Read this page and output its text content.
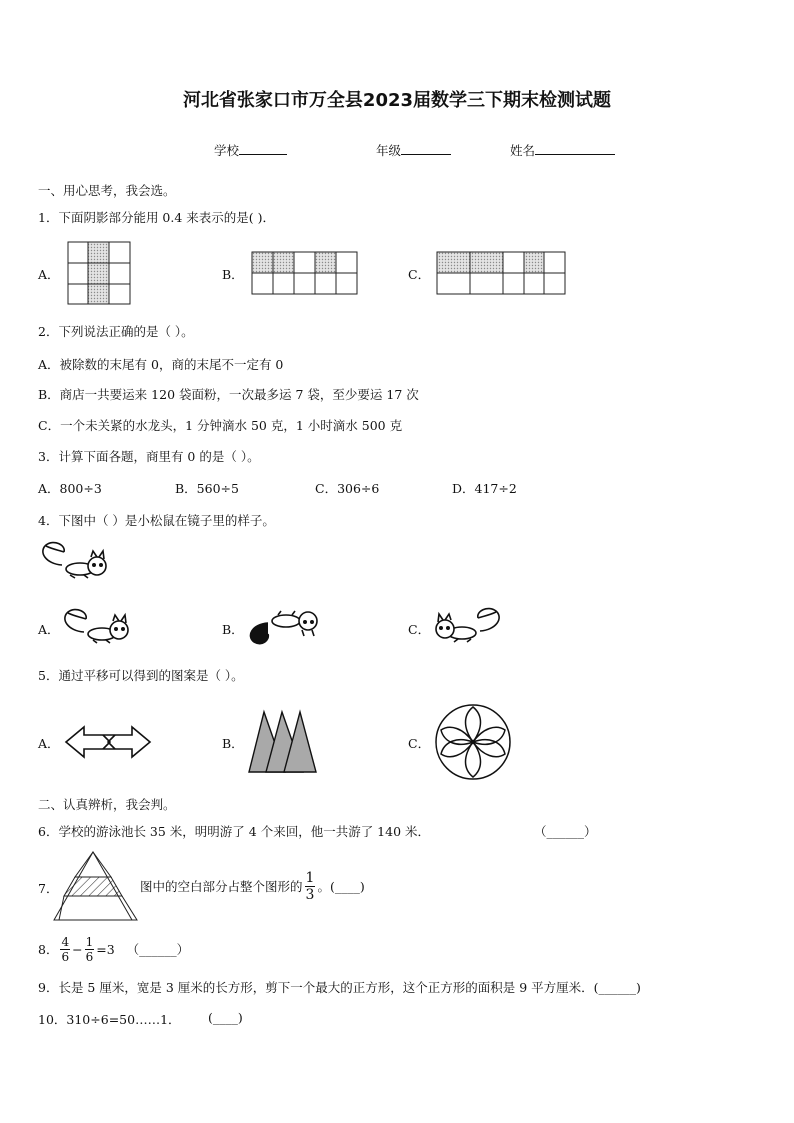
河北省张家口市万全县2023届数学三下期末检测试题
学校	年级	姓名
一、用心思考，我会选。
1．下面阴影部分能用 0.4 来表示的是( )．
A．	B．	C．
2．下列说法正确的是（ ）。
A．被除数的末尾有 0，商的末尾不一定有 0
B．商店一共要运来 120 袋面粉，一次最多运 7 袋，至少要运 17 次
C．一个未关紧的水龙头，1 分钟滴水 50 克，1 小时滴水 500 克
3．计算下面各题，商里有 0 的是（ ）。
A．800÷3	B．560÷5	C．306÷6	D．417÷2
4．下图中（ ）是小松鼠在镜子里的样子。
A．	B．	C．
5．通过平移可以得到的图案是（ ）。
A．	B．	C．
二、认真辨析，我会判。
6．学校的游泳池长 35 米，明明游了 4 个来回，他一共游了 140 米．	（______）
7．	图中的空白部分占整个图形的 $\frac{1}{3}$ 。(____)
8． $\frac{4}{6} - \frac{1}{6} =3$ （______）
9．长是 5 厘米，宽是 3 厘米的长方形，剪下一个最大的正方形，这个正方形的面积是 9 平方厘米．(______)
10．310÷6=50……1． (____)
